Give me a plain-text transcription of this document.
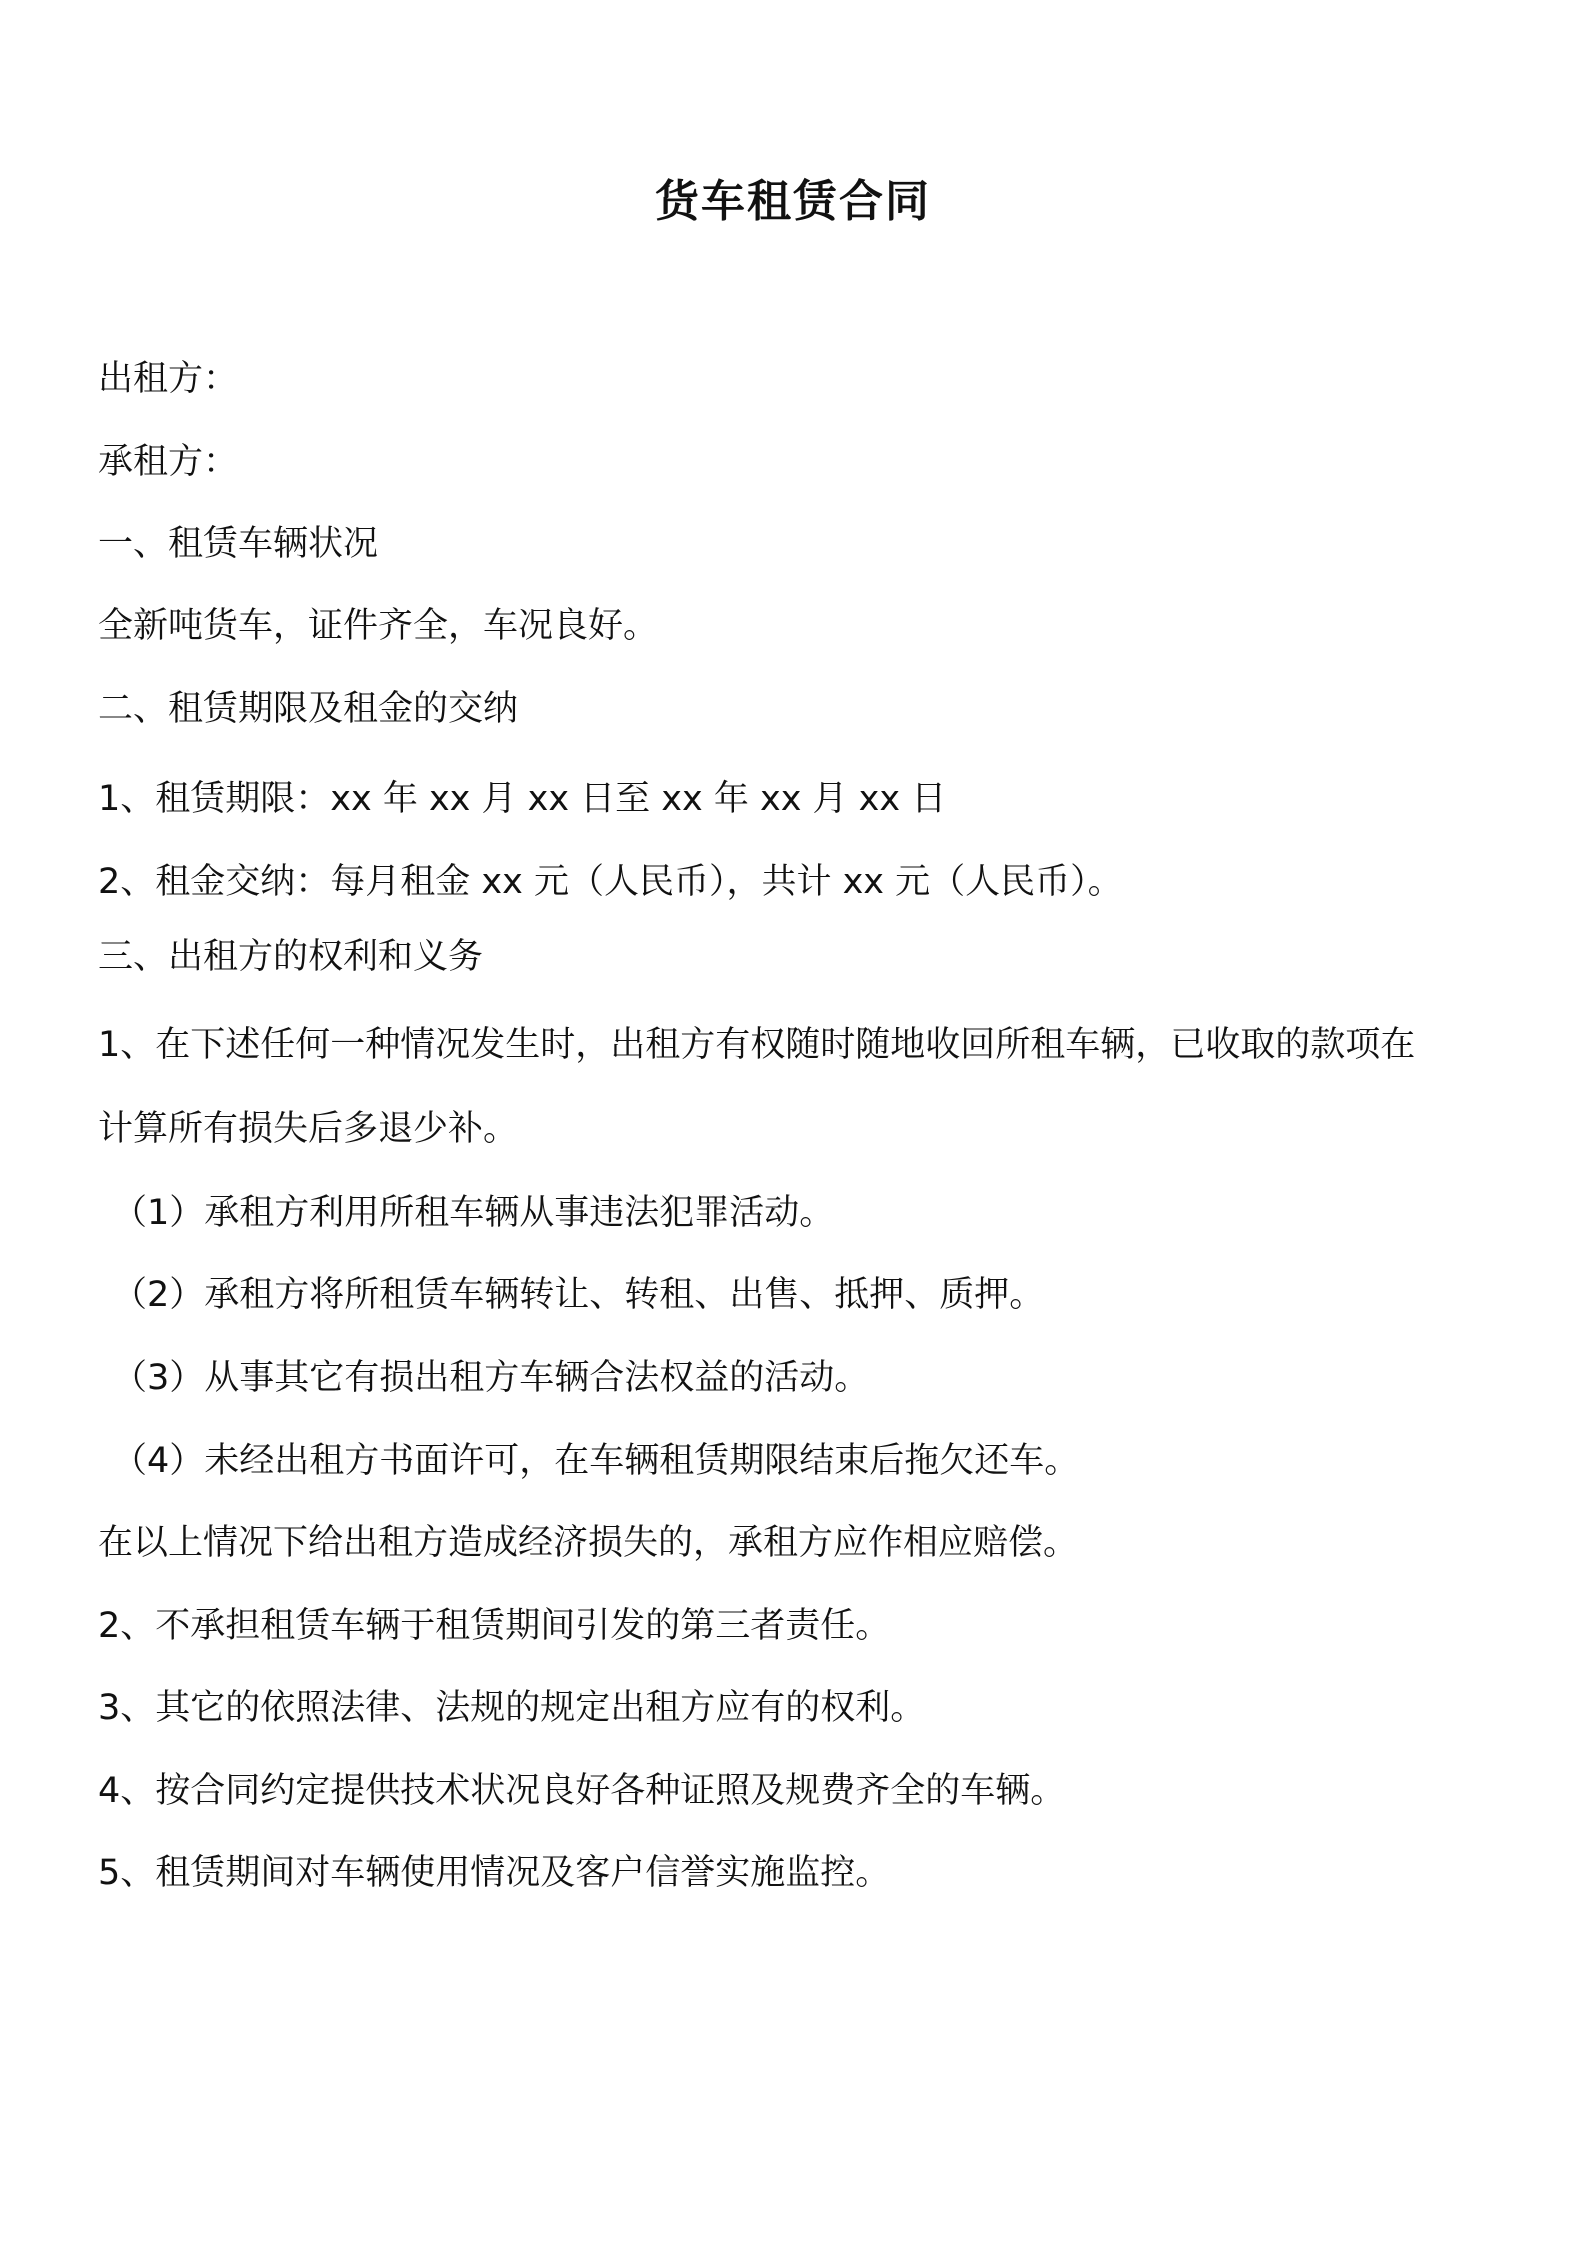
货车租赁合同

出租方：

承租方：

一、租赁车辆状况

全新吨货车，证件齐全，车况良好。

二、租赁期限及租金的交纳

1、租赁期限：xx 年 xx 月 xx 日至 xx 年 xx 月 xx 日

2、租金交纳：每月租金 xx 元（人民币），共计 xx 元（人民币）。

三、出租方的权利和义务

1、在下述任何一种情况发生时，出租方有权随时随地收回所租车辆，已收取的款项在

计算所有损失后多退少补。

（1）承租方利用所租车辆从事违法犯罪活动。

（2）承租方将所租赁车辆转让、转租、出售、抵押、质押。

（3）从事其它有损出租方车辆合法权益的活动。

（4）未经出租方书面许可，在车辆租赁期限结束后拖欠还车。

在以上情况下给出租方造成经济损失的，承租方应作相应赔偿。

2、不承担租赁车辆于租赁期间引发的第三者责任。

3、其它的依照法律、法规的规定出租方应有的权利。

4、按合同约定提供技术状况良好各种证照及规费齐全的车辆。

5、租赁期间对车辆使用情况及客户信誉实施监控。
